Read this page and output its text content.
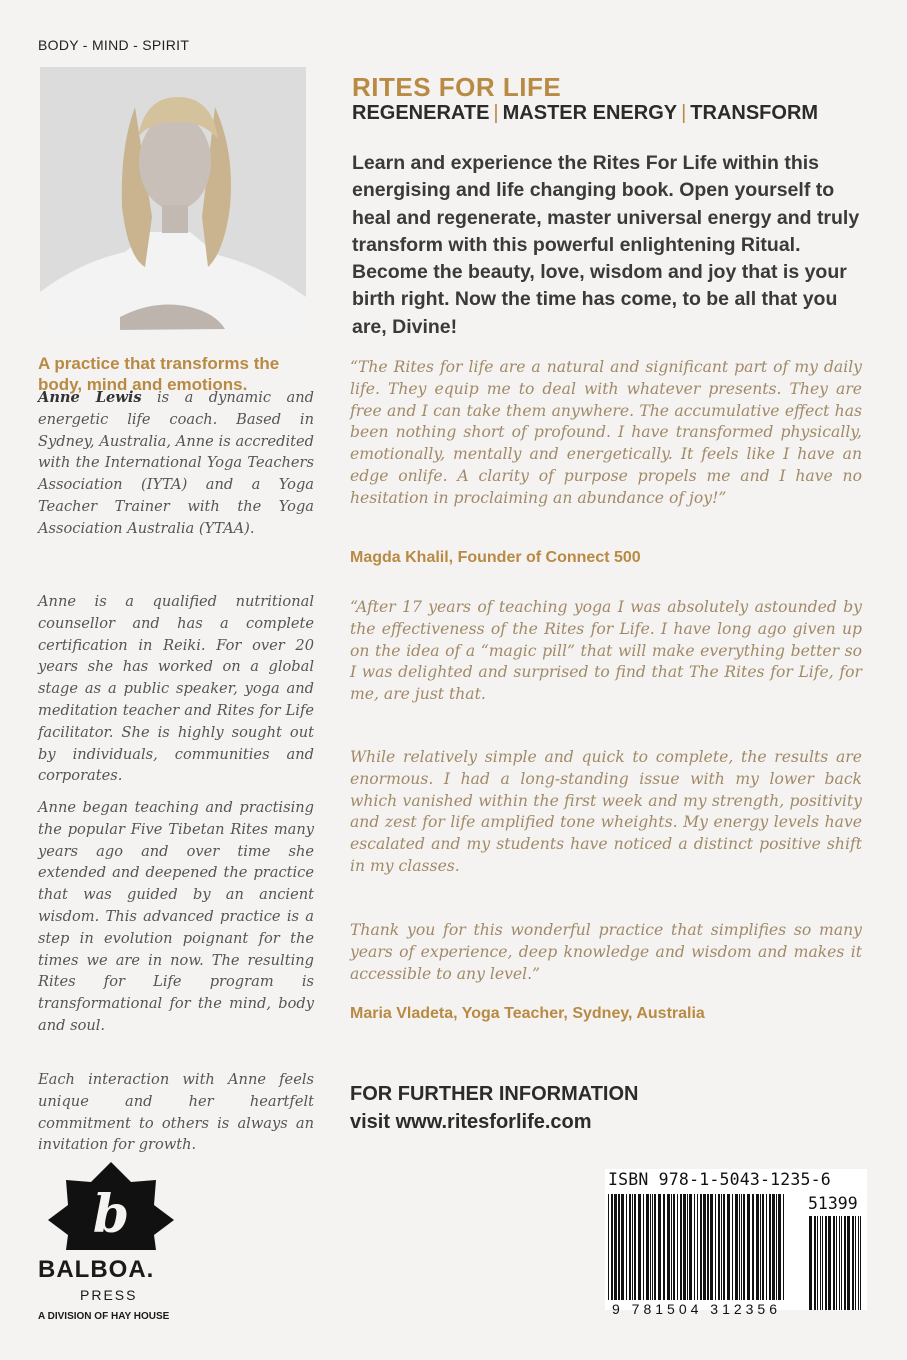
BODY - MIND - SPIRIT
A practice that transforms the body, mind and emotions.
Anne Lewis is a dynamic and energetic life coach. Based in Sydney, Australia, Anne is accredited with the International Yoga Teachers Association (IYTA) and a Yoga Teacher Trainer with the Yoga Association Australia (YTAA).
Anne is a qualified nutritional counsellor and has a complete certification in Reiki. For over 20 years she has worked on a global stage as a public speaker, yoga and meditation teacher and Rites for Life facilitator. She is highly sought out by individuals, communities and corporates.
Anne began teaching and practising the popular Five Tibetan Rites many years ago and over time she extended and deepened the practice that was guided by an ancient wisdom. This advanced practice is a step in evolution poignant for the times we are in now. The resulting Rites for Life program is transformational for the mind, body and soul.
Each interaction with Anne feels unique and her heartfelt commitment to others is always an invitation for growth.
b
BALBOA.
PRESS
A DIVISION OF HAY HOUSE
RITES FOR LIFE
REGENERATE | MASTER ENERGY | TRANSFORM
Learn and experience the Rites For Life within this energising and life changing book. Open yourself to heal and regenerate, master universal energy and truly transform with this powerful enlightening Ritual. Become the beauty, love, wisdom and joy that is your birth right. Now the time has come, to be all that you are, Divine!
“The Rites for life are a natural and significant part of my daily life. They equip me to deal with whatever presents. They are free and I can take them anywhere. The accumulative effect has been nothing short of profound. I have transformed physically, emotionally, mentally and energetically. It feels like I have an edge onlife. A clarity of purpose propels me and I have no hesitation in proclaiming an abundance of joy!”
Magda Khalil, Founder of Connect 500
“After 17 years of teaching yoga I was absolutely astounded by the effectiveness of the Rites for Life. I have long ago given up on the idea of a “magic pill” that will make everything better so I was delighted and surprised to find that The Rites for Life, for me, are just that.
While relatively simple and quick to complete, the results are enormous. I had a long-standing issue with my lower back which vanished within the first week and my strength, positivity and zest for life amplified tone wheights. My energy levels have escalated and my students have noticed a distinct positive shift in my classes.
Thank you for this wonderful practice that simplifies so many years of experience, deep knowledge and wisdom and makes it accessible to any level.”
Maria Vladeta, Yoga Teacher, Sydney, Australia
FOR FURTHER INFORMATION
visit www.ritesforlife.com
ISBN 978-1-5043-1235-6
51399
9 781504 312356
